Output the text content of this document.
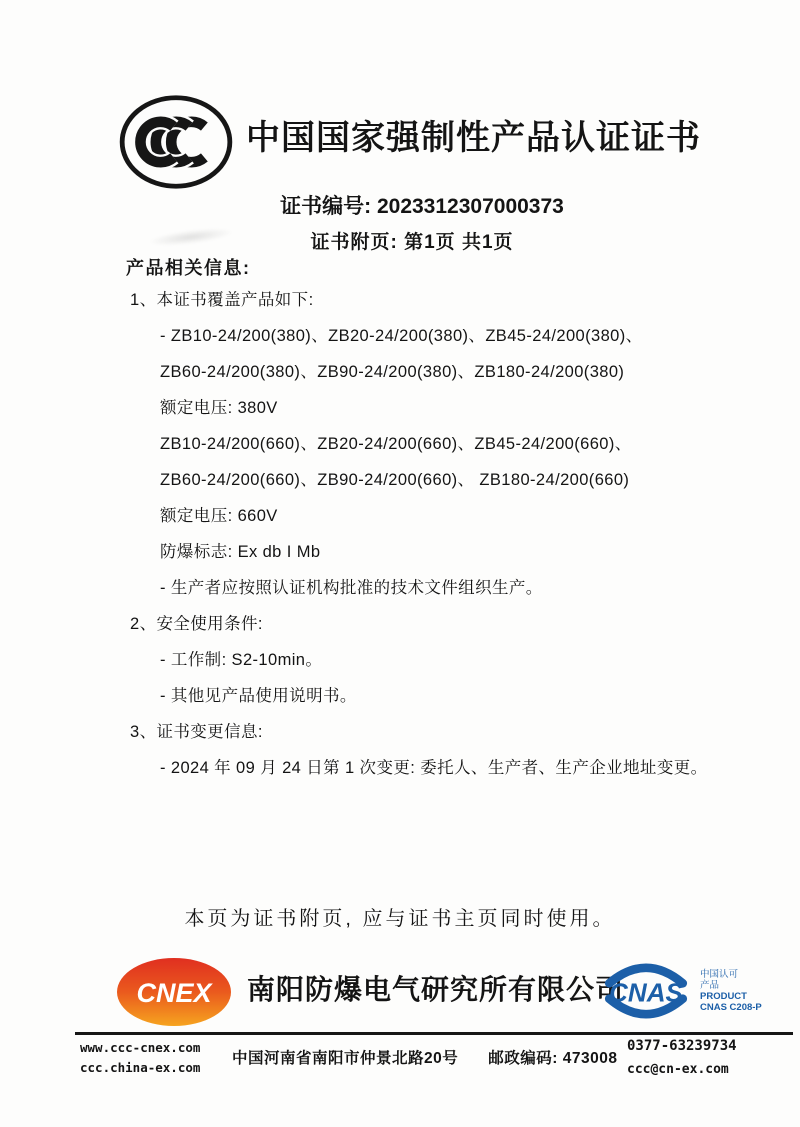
中国国家强制性产品认证证书
证书编号: 2023312307000373
证书附页: 第1页 共1页
产品相关信息:
1、本证书覆盖产品如下:
- ZB10-24/200(380)、ZB20-24/200(380)、ZB45-24/200(380)、
ZB60-24/200(380)、ZB90-24/200(380)、ZB180-24/200(380)
额定电压: 380V
ZB10-24/200(660)、ZB20-24/200(660)、ZB45-24/200(660)、
ZB60-24/200(660)、ZB90-24/200(660)、 ZB180-24/200(660)
额定电压: 660V
防爆标志: Ex db I Mb
- 生产者应按照认证机构批准的技术文件组织生产。
2、安全使用条件:
- 工作制: S2-10min。
- 其他见产品使用说明书。
3、证书变更信息:
- 2024 年 09 月 24 日第 1 次变更: 委托人、生产者、生产企业地址变更。
本页为证书附页, 应与证书主页同时使用。
CNEX 南阳防爆电气研究所有限公司
CNAS
中国认可
产品
PRODUCT
CNAS C208-P
www.ccc-cnex.com
ccc.china-ex.com
中国河南省南阳市仲景北路20号 邮政编码: 473008
0377-63239734
ccc@cn-ex.com
